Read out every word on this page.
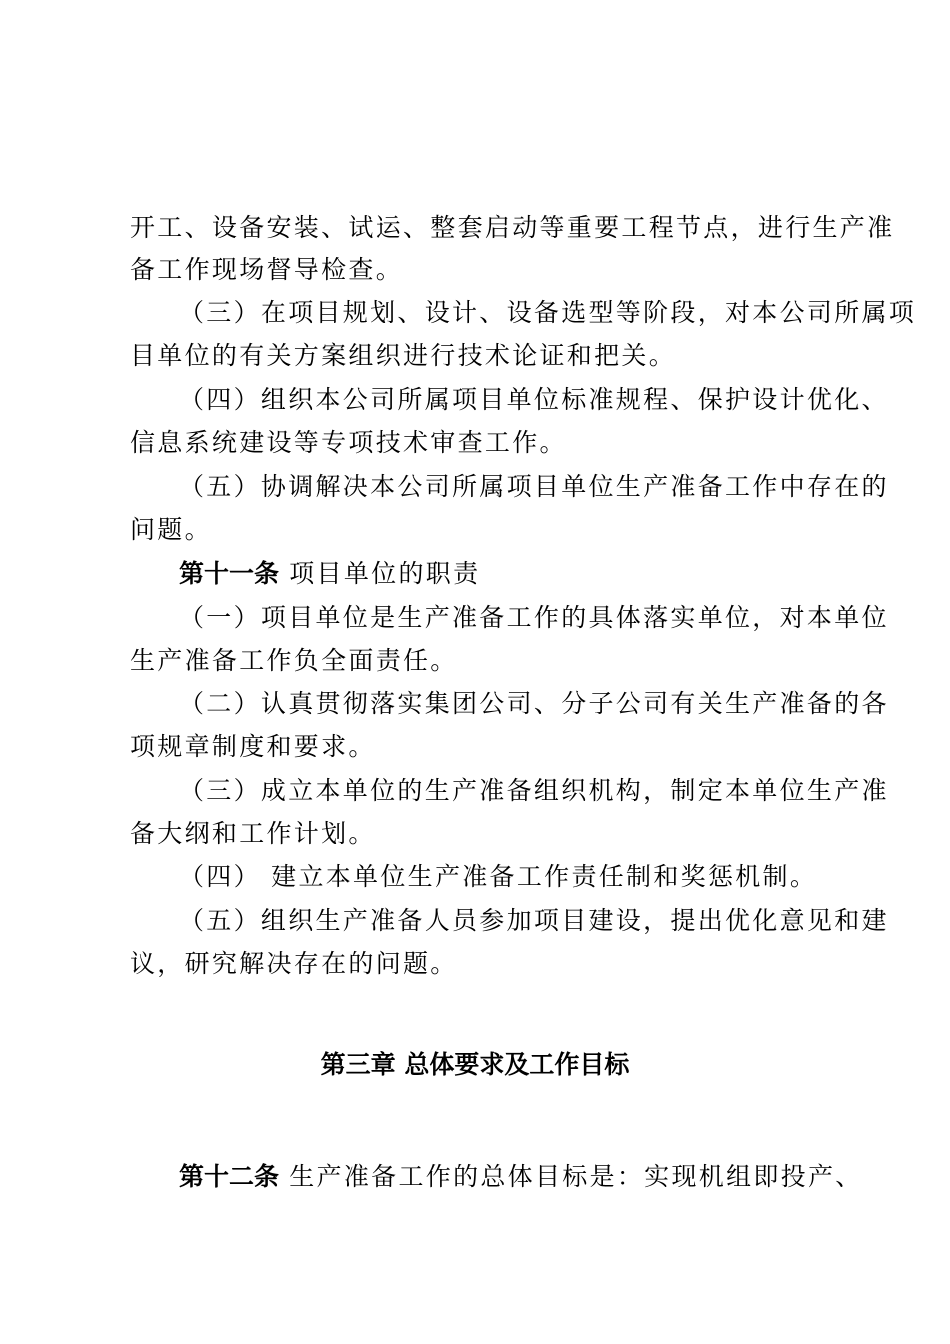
开工、设备安装、试运、整套启动等重要工程节点，进行生产准
备工作现场督导检查。
（三）在项目规划、设计、设备选型等阶段，对本公司所属项
目单位的有关方案组织进行技术论证和把关。
（四）组织本公司所属项目单位标准规程、保护设计优化、
信息系统建设等专项技术审查工作。
（五）协调解决本公司所属项目单位生产准备工作中存在的
问题。
第十一条 项目单位的职责
（一）项目单位是生产准备工作的具体落实单位，对本单位
生产准备工作负全面责任。
（二）认真贯彻落实集团公司、分子公司有关生产准备的各
项规章制度和要求。
（三）成立本单位的生产准备组织机构，制定本单位生产准
备大纲和工作计划。
（四） 建立本单位生产准备工作责任制和奖惩机制。
（五）组织生产准备人员参加项目建设，提出优化意见和建
议，研究解决存在的问题。
第三章 总体要求及工作目标
第十二条 生产准备工作的总体目标是：实现机组即投产、
